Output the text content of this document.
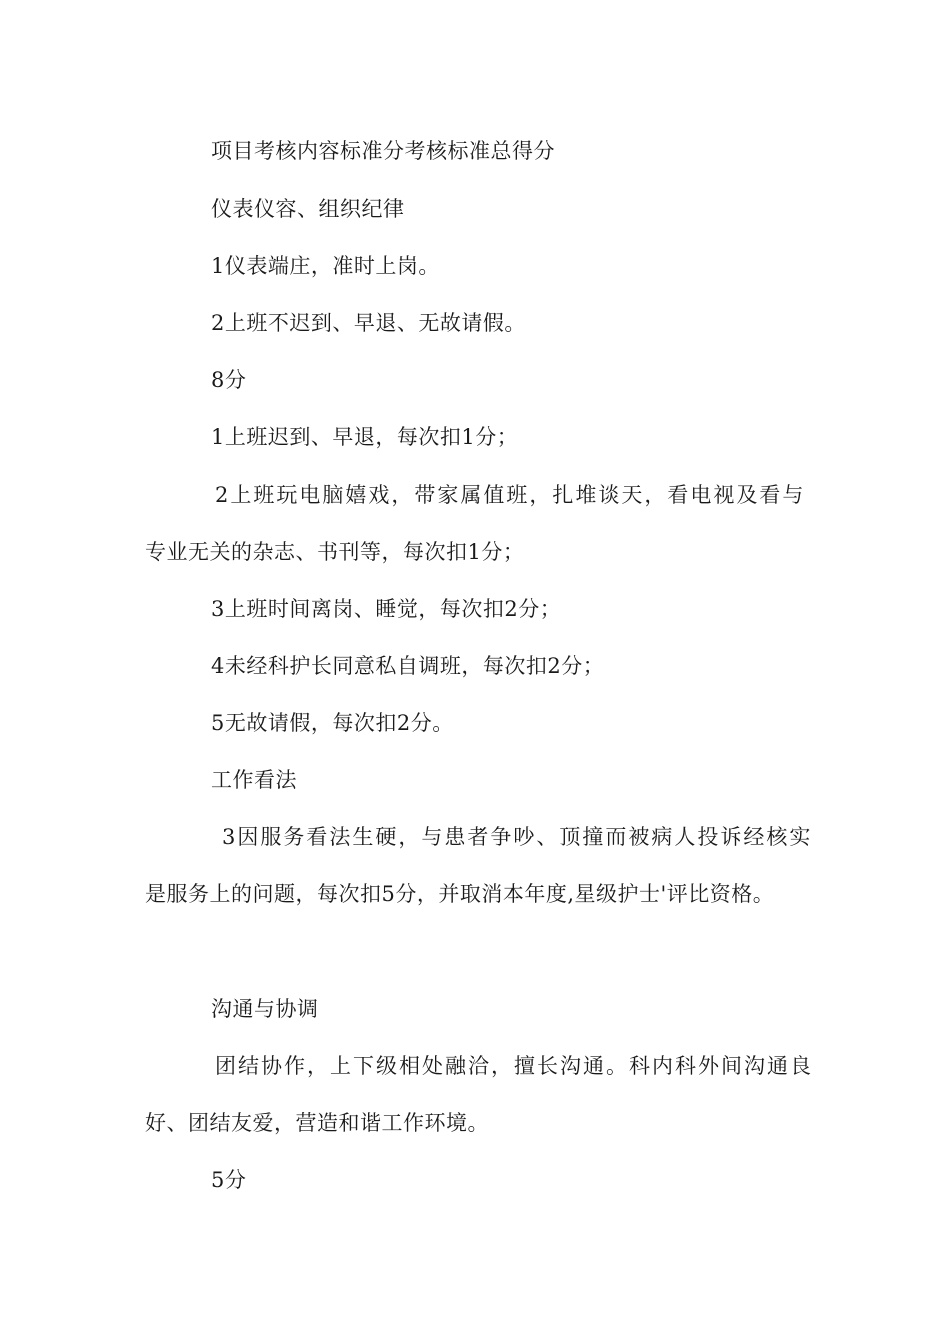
项目考核内容标准分考核标准总得分
仪表仪容、组织纪律
1仪表端庄，准时上岗。
2上班不迟到、早退、无故请假。
8分
1上班迟到、早退，每次扣1分；
2上班玩电脑嬉戏，带家属值班，扎堆谈天，看电视及看与
专业无关的杂志、书刊等，每次扣1分；
3上班时间离岗、睡觉，每次扣2分；
4未经科护长同意私自调班，每次扣2分；
5无故请假，每次扣2分。
工作看法
3因服务看法生硬，与患者争吵、顶撞而被病人投诉经核实
是服务上的问题，每次扣5分，并取消本年度,星级护士'评比资格。
沟通与协调
团结协作，上下级相处融洽，擅长沟通。科内科外间沟通良
好、团结友爱，营造和谐工作环境。
5分
